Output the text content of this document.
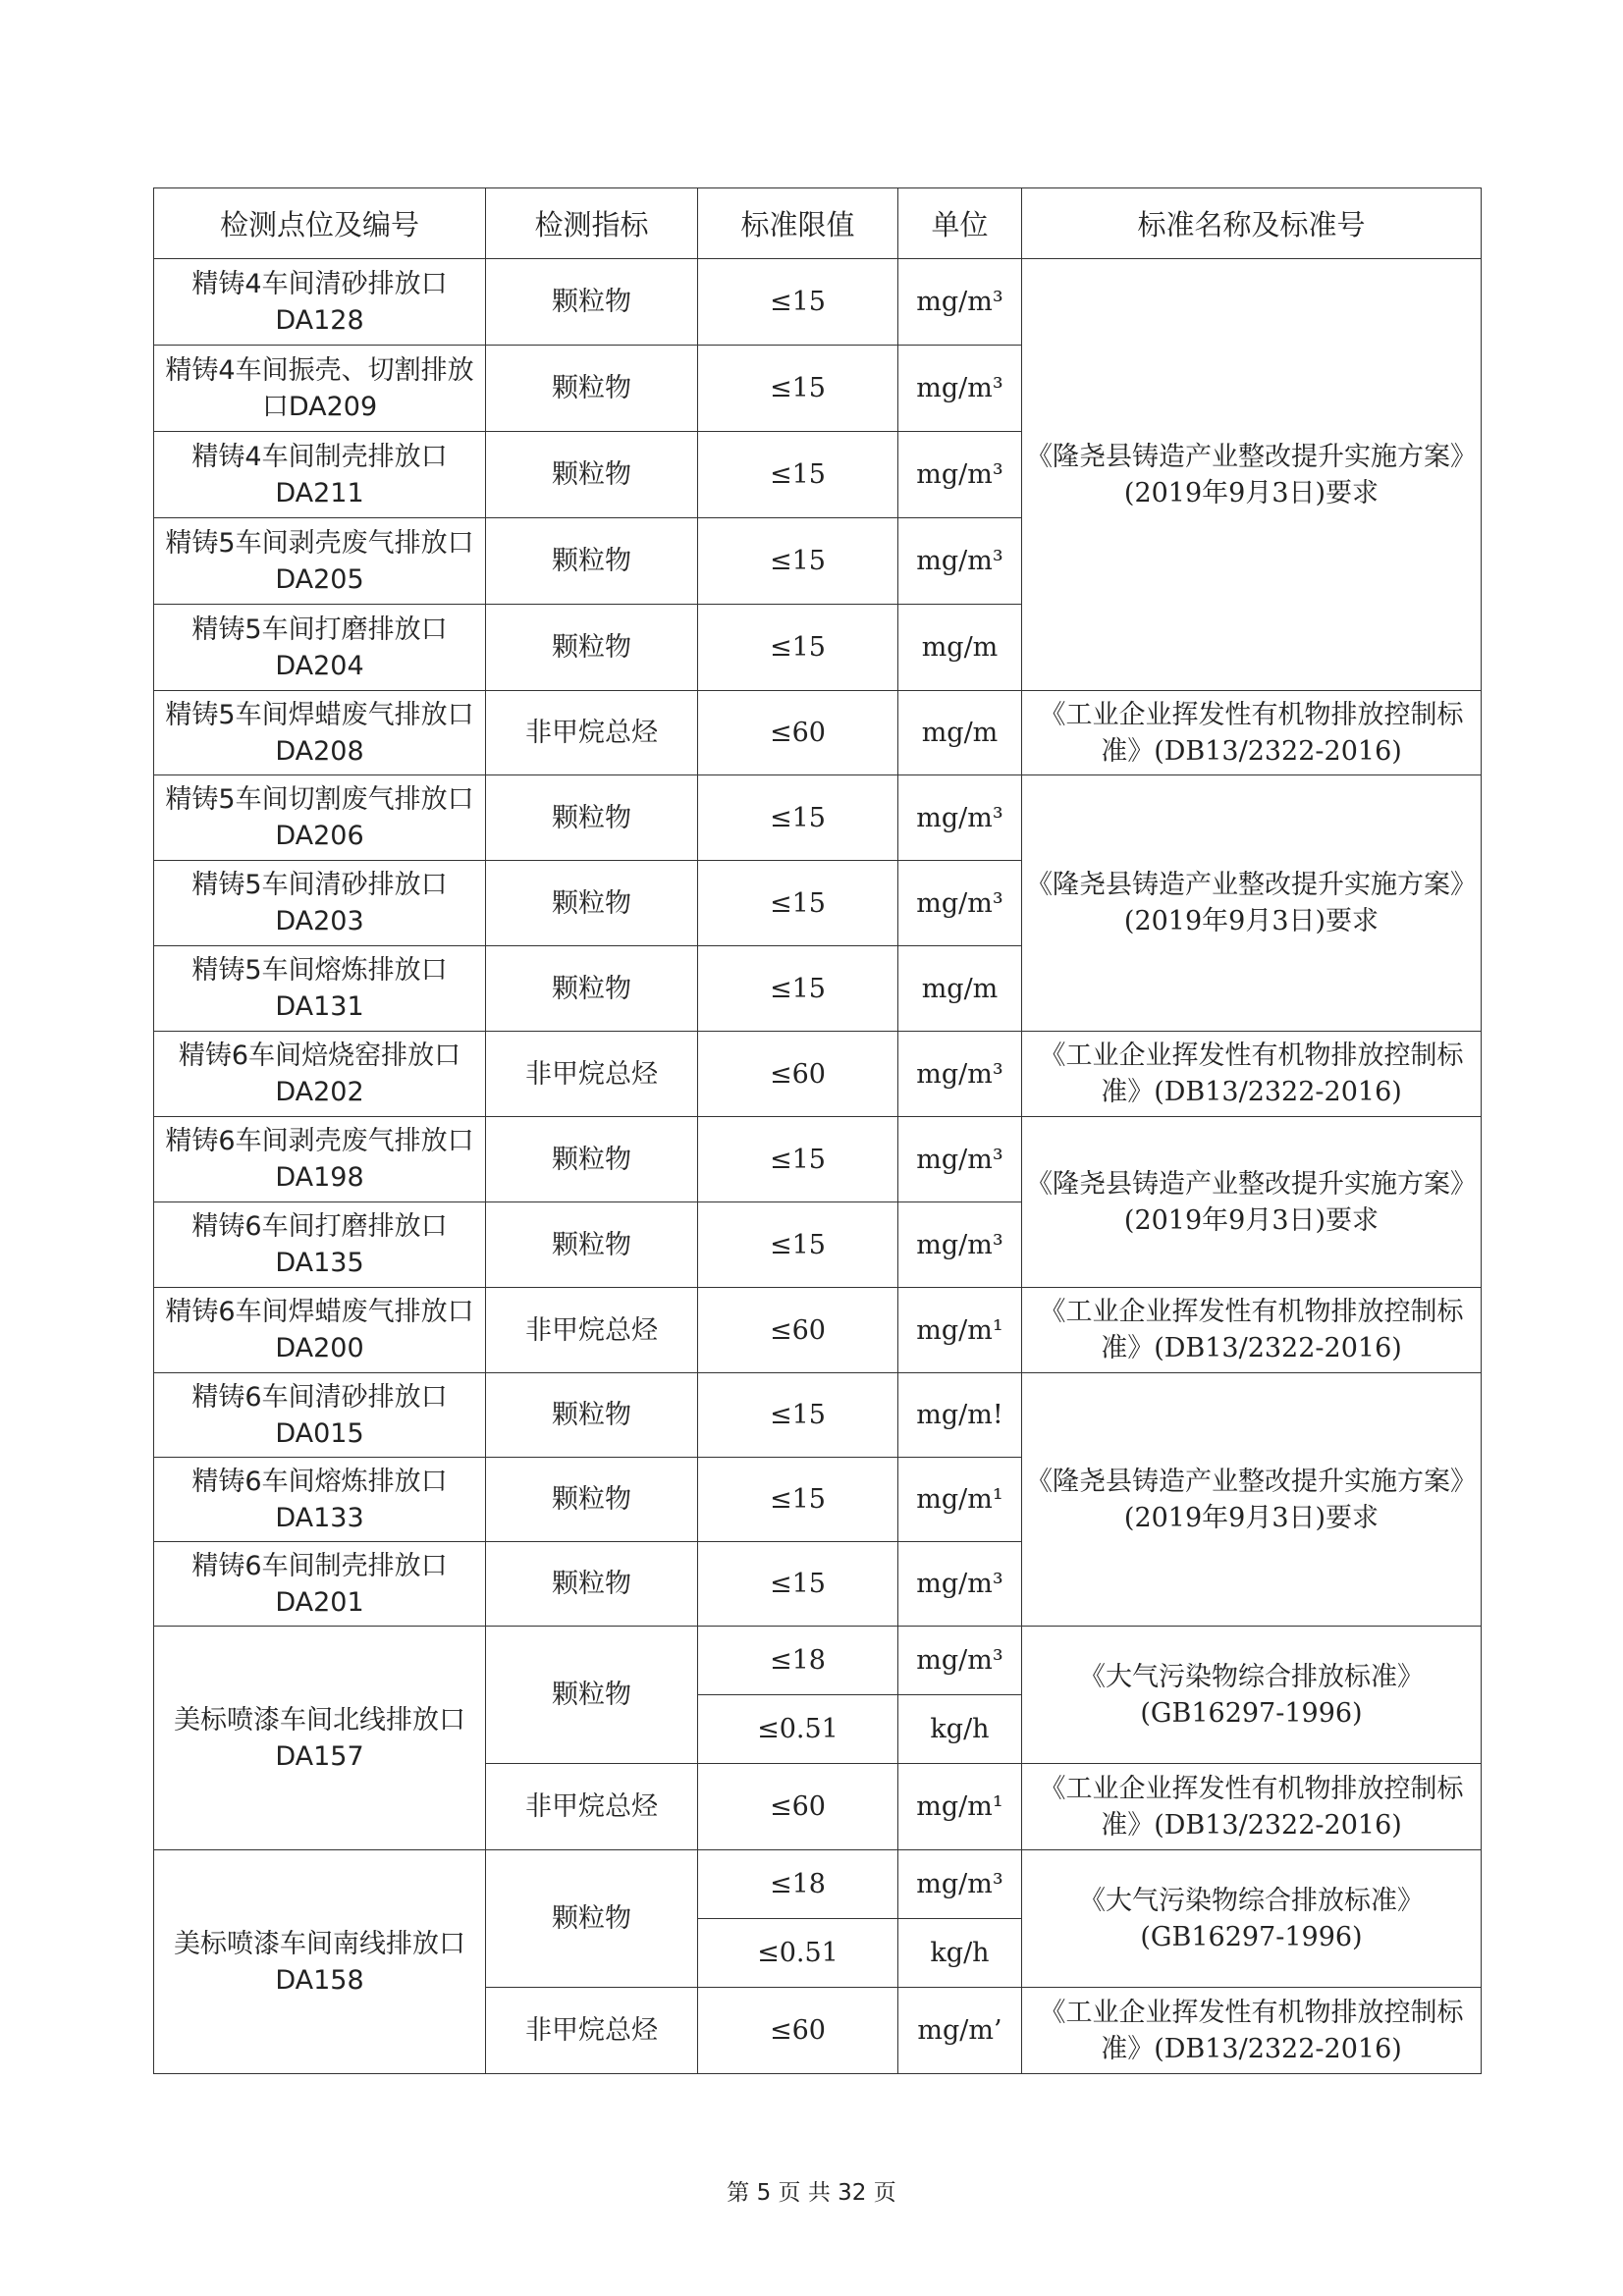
检测点位及编号	检测指标	标准限值	单位	标准名称及标准号
精铸4车间清砂排放口DA128	颗粒物	≤15	mg/m³	《隆尧县铸造产业整改提升实施方案》(2019年9月3日)要求
精铸4车间振壳、切割排放口DA209	颗粒物	≤15	mg/m³	
精铸4车间制壳排放口DA211	颗粒物	≤15	mg/m³	
精铸5车间剥壳废气排放口DA205	颗粒物	≤15	mg/m³	
精铸5车间打磨排放口DA204	颗粒物	≤15	mg/m	
精铸5车间焊蜡废气排放口DA208	非甲烷总烃	≤60	mg/m	《工业企业挥发性有机物排放控制标准》(DB13/2322-2016)
精铸5车间切割废气排放口DA206	颗粒物	≤15	mg/m³	《隆尧县铸造产业整改提升实施方案》(2019年9月3日)要求
精铸5车间清砂排放口DA203	颗粒物	≤15	mg/m³	
精铸5车间熔炼排放口DA131	颗粒物	≤15	mg/m	
精铸6车间焙烧窑排放口DA202	非甲烷总烃	≤60	mg/m³	《工业企业挥发性有机物排放控制标准》(DB13/2322-2016)
精铸6车间剥壳废气排放口DA198	颗粒物	≤15	mg/m³	《隆尧县铸造产业整改提升实施方案》(2019年9月3日)要求
精铸6车间打磨排放口DA135	颗粒物	≤15	mg/m³	
精铸6车间焊蜡废气排放口DA200	非甲烷总烃	≤60	mg/m¹	《工业企业挥发性有机物排放控制标准》(DB13/2322-2016)
精铸6车间清砂排放口DA015	颗粒物	≤15	mg/m!	《隆尧县铸造产业整改提升实施方案》(2019年9月3日)要求
精铸6车间熔炼排放口DA133	颗粒物	≤15	mg/m¹	
精铸6车间制壳排放口DA201	颗粒物	≤15	mg/m³	
美标喷漆车间北线排放口DA157	颗粒物	≤18	mg/m³	《大气污染物综合排放标准》(GB16297-1996)
		≤0.51	kg/h	
	非甲烷总烃	≤60	mg/m¹	《工业企业挥发性有机物排放控制标准》(DB13/2322-2016)
美标喷漆车间南线排放口DA158	颗粒物	≤18	mg/m³	《大气污染物综合排放标准》(GB16297-1996)
		≤0.51	kg/h	
	非甲烷总烃	≤60	mg/m’	《工业企业挥发性有机物排放控制标准》(DB13/2322-2016)
第 5 页 共 32 页
